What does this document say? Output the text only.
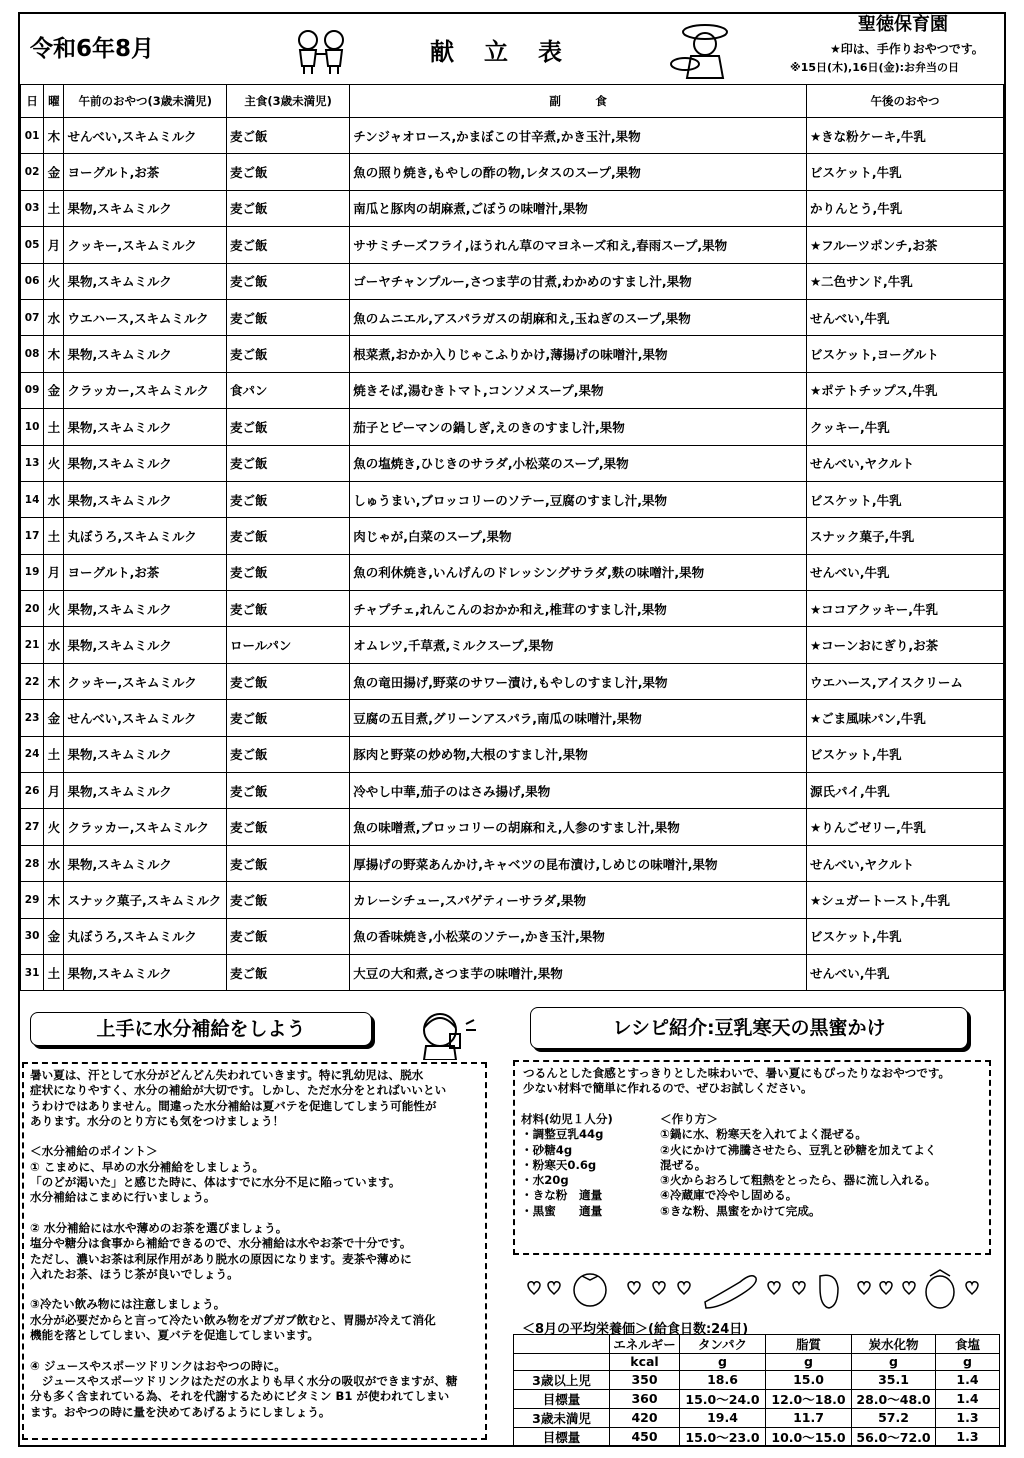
令和6年8月	献立表
聖徳保育園
★印は、手作りおやつです。
※15日(木),16日(金):お弁当の日
日	曜	午前のおやつ(3歳未満児)	主食(3歳未満児)	副　　　食	午後のおやつ
01	木	せんべい,スキムミルク	麦ご飯	チンジャオロース,かまぼこの甘辛煮,かき玉汁,果物	★きな粉ケーキ,牛乳
02	金	ヨーグルト,お茶	麦ご飯	魚の照り焼き,もやしの酢の物,レタスのスープ,果物	ビスケット,牛乳
03	土	果物,スキムミルク	麦ご飯	南瓜と豚肉の胡麻煮,ごぼうの味噌汁,果物	かりんとう,牛乳
05	月	クッキー,スキムミルク	麦ご飯	ササミチーズフライ,ほうれん草のマヨネーズ和え,春雨スープ,果物	★フルーツポンチ,お茶
06	火	果物,スキムミルク	麦ご飯	ゴーヤチャンプルー,さつま芋の甘煮,わかめのすまし汁,果物	★二色サンド,牛乳
07	水	ウエハース,スキムミルク	麦ご飯	魚のムニエル,アスパラガスの胡麻和え,玉ねぎのスープ,果物	せんべい,牛乳
08	木	果物,スキムミルク	麦ご飯	根菜煮,おかか入りじゃこふりかけ,薄揚げの味噌汁,果物	ビスケット,ヨーグルト
09	金	クラッカー,スキムミルク	食パン	焼きそば,湯むきトマト,コンソメスープ,果物	★ポテトチップス,牛乳
10	土	果物,スキムミルク	麦ご飯	茄子とピーマンの鍋しぎ,えのきのすまし汁,果物	クッキー,牛乳
13	火	果物,スキムミルク	麦ご飯	魚の塩焼き,ひじきのサラダ,小松菜のスープ,果物	せんべい,ヤクルト
14	水	果物,スキムミルク	麦ご飯	しゅうまい,ブロッコリーのソテー,豆腐のすまし汁,果物	ビスケット,牛乳
17	土	丸ぼうろ,スキムミルク	麦ご飯	肉じゃが,白菜のスープ,果物	スナック菓子,牛乳
19	月	ヨーグルト,お茶	麦ご飯	魚の利休焼き,いんげんのドレッシングサラダ,麩の味噌汁,果物	せんべい,牛乳
20	火	果物,スキムミルク	麦ご飯	チャプチェ,れんこんのおかか和え,椎茸のすまし汁,果物	★ココアクッキー,牛乳
21	水	果物,スキムミルク	ロールパン	オムレツ,千草煮,ミルクスープ,果物	★コーンおにぎり,お茶
22	木	クッキー,スキムミルク	麦ご飯	魚の竜田揚げ,野菜のサワー漬け,もやしのすまし汁,果物	ウエハース,アイスクリーム
23	金	せんべい,スキムミルク	麦ご飯	豆腐の五目煮,グリーンアスパラ,南瓜の味噌汁,果物	★ごま風味パン,牛乳
24	土	果物,スキムミルク	麦ご飯	豚肉と野菜の炒め物,大根のすまし汁,果物	ビスケット,牛乳
26	月	果物,スキムミルク	麦ご飯	冷やし中華,茄子のはさみ揚げ,果物	源氏パイ,牛乳
27	火	クラッカー,スキムミルク	麦ご飯	魚の味噌煮,ブロッコリーの胡麻和え,人参のすまし汁,果物	★りんごゼリー,牛乳
28	水	果物,スキムミルク	麦ご飯	厚揚げの野菜あんかけ,キャベツの昆布漬け,しめじの味噌汁,果物	せんべい,ヤクルト
29	木	スナック菓子,スキムミルク	麦ご飯	カレーシチュー,スパゲティーサラダ,果物	★シュガートースト,牛乳
30	金	丸ぼうろ,スキムミルク	麦ご飯	魚の香味焼き,小松菜のソテー,かき玉汁,果物	ビスケット,牛乳
31	土	果物,スキムミルク	麦ご飯	大豆の大和煮,さつま芋の味噌汁,果物	せんべい,牛乳
上手に水分補給をしよう	レシピ紹介:豆乳寒天の黒蜜かけ

暑い夏は、汗として水分がどんどん失われていきます。特に乳幼児は、脱水

症状になりやすく、水分の補給が大切です。しかし、ただ水分をとればいいとい

うわけではありません。間違った水分補給は夏バテを促進してしまう可能性が

あります。水分のとり方にも気をつけましょう！

＜水分補給のポイント＞

① こまめに、早めの水分補給をしましょう。

「のどが渇いた」と感じた時に、体はすでに水分不足に陥っています。

水分補給はこまめに行いましょう。

② 水分補給には水や薄めのお茶を選びましょう。

塩分や糖分は食事から補給できるので、水分補給は水やお茶で十分です。

ただし、濃いお茶は利尿作用があり脱水の原因になります。麦茶や薄めに

入れたお茶、ほうじ茶が良いでしょう。

③冷たい飲み物には注意しましょう。

水分が必要だからと言って冷たい飲み物をガブガブ飲むと、胃腸が冷えて消化

機能を落としてしまい、夏バテを促進してしまいます。

④ ジュースやスポーツドリンクはおやつの時に。

　ジュースやスポーツドリンクはただの水よりも早く水分の吸収ができますが、糖

分も多く含まれている為、それを代謝するためにビタミン B1 が使われてしまい

ます。おやつの時に量を決めてあげるようにしましょう。

つるんとした食感とすっきりとした味わいで、暑い夏にもぴったりなおやつです。

少ない材料で簡単に作れるので、ぜひお試しください。

材料(幼児１人分)

・調整豆乳44g

・砂糖4g

・粉寒天0.6g

・水20g

・きな粉　適量

・黒蜜　　適量

＜作り方＞

①鍋に水、粉寒天を入れてよく混ぜる。

②火にかけて沸騰させたら、豆乳と砂糖を加えてよく

混ぜる。

③火からおろして粗熱をとったら、器に流し入れる。

④冷蔵庫で冷やし固める。

⑤きな粉、黒蜜をかけて完成。

＜8月の平均栄養価＞(給食日数:24日)
	エネルギー	タンパク	脂質	炭水化物	食塩
	kcal	g	g	g	g
3歳以上児	350	18.6	15.0	35.1	1.4
目標量	360	15.0～24.0	12.0～18.0	28.0～48.0	1.4
3歳未満児	420	19.4	11.7	57.2	1.3
目標量	450	15.0～23.0	10.0～15.0	56.0～72.0	1.3
